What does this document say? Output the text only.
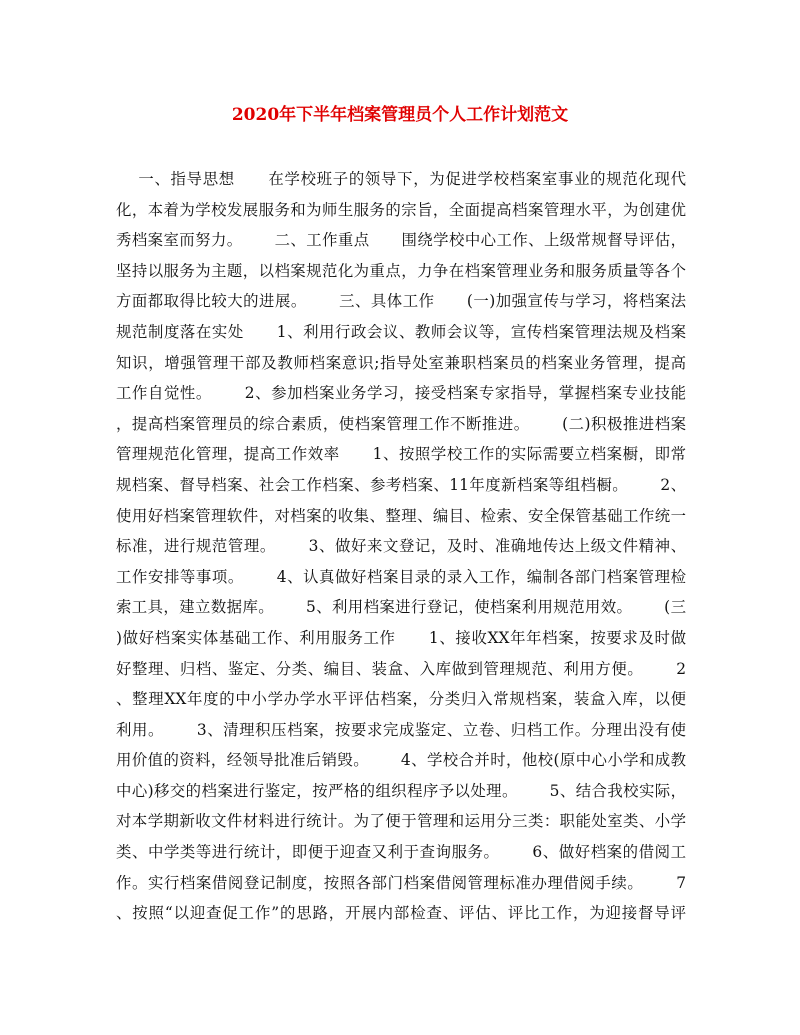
2020年下半年档案管理员个人工作计划范文
一、指导思想      在学校班子的领导下，为促进学校档案室事业的规范化现代
化，本着为学校发展服务和为师生服务的宗旨，全面提高档案管理水平，为创建优
秀档案室而努力。      二、工作重点      围绕学校中心工作、上级常规督导评估，
坚持以服务为主题，以档案规范化为重点，力争在档案管理业务和服务质量等各个
方面都取得比较大的进展。      三、具体工作      (一)加强宣传与学习，将档案法
规范制度落在实处      1、利用行政会议、教师会议等，宣传档案管理法规及档案
知识，增强管理干部及教师档案意识;指导处室兼职档案员的档案业务管理，提高
工作自觉性。      2、参加档案业务学习，接受档案专家指导，掌握档案专业技能
，提高档案管理员的综合素质，使档案管理工作不断推进。      (二)积极推进档案
管理规范化管理，提高工作效率      1、按照学校工作的实际需要立档案橱，即常
规档案、督导档案、社会工作档案、参考档案、11年度新档案等组档橱。      2、
使用好档案管理软件，对档案的收集、整理、编目、检索、安全保管基础工作统一
标准，进行规范管理。      3、做好来文登记，及时、准确地传达上级文件精神、
工作安排等事项。      4、认真做好档案目录的录入工作，编制各部门档案管理检
索工具，建立数据库。      5、利用档案进行登记，使档案利用规范用效。      (三
)做好档案实体基础工作、利用服务工作      1、接收XX年年档案，按要求及时做
好整理、归档、鉴定、分类、编目、装盒、入库做到管理规范、利用方便。      2
、整理XX年度的中小学办学水平评估档案，分类归入常规档案，装盒入库，以便
利用。      3、清理积压档案，按要求完成鉴定、立卷、归档工作。分理出没有使
用价值的资料，经领导批准后销毁。      4、学校合并时，他校(原中心小学和成教
中心)移交的档案进行鉴定，按严格的组织程序予以处理。      5、结合我校实际，
对本学期新收文件材料进行统计。为了便于管理和运用分三类：职能处室类、小学
类、中学类等进行统计，即便于迎查又利于查询服务。      6、做好档案的借阅工
作。实行档案借阅登记制度，按照各部门档案借阅管理标准办理借阅手续。      7
、按照“以迎查促工作”的思路，开展内部检查、评估、评比工作，为迎接督导评
